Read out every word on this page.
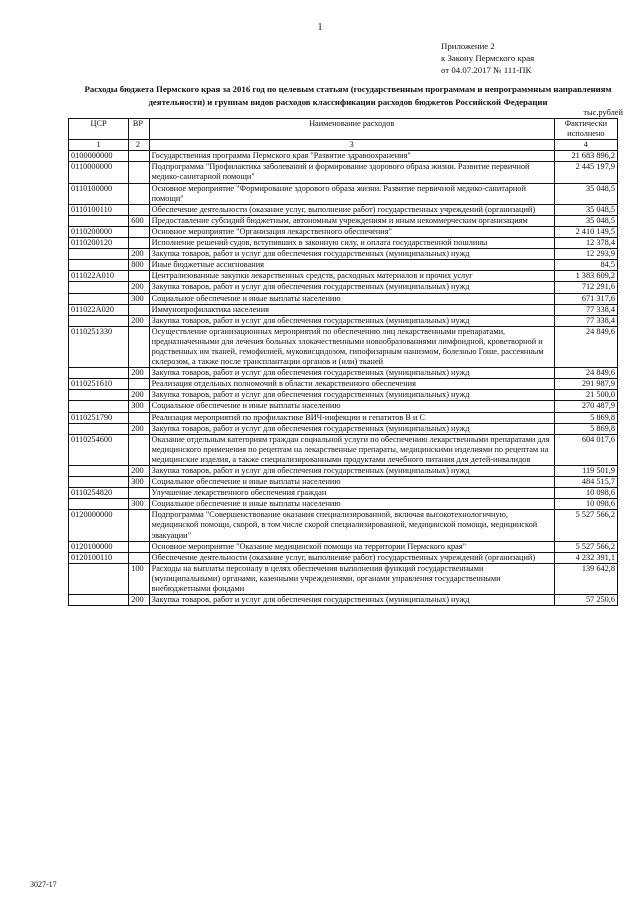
1
Приложение 2
к Закону Пермского края
от 04.07.2017 № 111-ПК
Расходы бюджета Пермского края за 2016 год по целевым статьям (государственным программам и непрограммным направлениям деятельности) и группам видов расходов классификации расходов бюджетов Российской Федерации
тыс.рублей
ЦСР	ВР	Наименование расходов	Фактически исполнено
1	2	3	4
0100000000		Государственная программа Пермского края "Развитие здравоохранения"	21 683 896,2
0110000000		Подпрограмма "Профилактика заболеваний и формирование здорового образа жизни. Развитие первичной медико-санитарной помощи"	2 445 197,9
0110100000		Основное мероприятие "Формирование здорового образа жизни. Развитие первичной медико-санитарной помощи"	35 048,5
0110100110		Обеспечение деятельности (оказание услуг, выполнение работ) государственных учреждений (организаций)	35 048,5
	600	Предоставление субсидий бюджетным, автономным учреждениям и иным некоммерческим организациям	35 048,5
0110200000		Основное мероприятие "Организация лекарственного обеспечения"	2 410 149,5
0110200120		Исполнение решений судов, вступивших в законную силу, и оплата государственной пошлины	12 378,4
	200	Закупка товаров, работ и услуг для обеспечения государственных (муниципальных) нужд	12 293,9
	800	Иные бюджетные ассигнования	84,5
011022А010		Централизованные закупки лекарственных средств, расходных материалов и прочих услуг	1 383 609,2
	200	Закупка товаров, работ и услуг для обеспечения государственных (муниципальных) нужд	712 291,6
	300	Социальное обеспечение и иные выплаты населению	671 317,6
011022А020		Иммунопрофилактика населения	77 338,4
	200	Закупка товаров, работ и услуг для обеспечения государственных (муниципальных) нужд	77 338,4
0110251330		Осуществление организационных мероприятий по обеспечению лиц лекарственными препаратами, предназначенными для лечения больных злокачественными новообразованиями лимфоидной, кроветворной и родственных им тканей, гемофилией, муковисцидозом, гипофизарным нанизмом, болезнью Гоше, рассеянным склерозом, а также после трансплантации органов и (или) тканей	24 849,6
	200	Закупка товаров, работ и услуг для обеспечения государственных (муниципальных) нужд	24 849,6
0110251610		Реализация отдельных полномочий в области лекарственного обеспечения	291 987,9
	200	Закупка товаров, работ и услуг для обеспечения государственных (муниципальных) нужд	21 500,0
	300	Социальное обеспечение и иные выплаты населению	270 487,9
0110251790		Реализация мероприятий по профилактике ВИЧ-инфекции и гепатитов B и C	5 869,8
	200	Закупка товаров, работ и услуг для обеспечения государственных (муниципальных) нужд	5 869,8
0110254600		Оказание отдельным категориям граждан социальной услуги по обеспечению лекарственными препаратами для медицинского применения по рецептам на лекарственные препараты, медицинскими изделиями по рецептам на медицинские изделия, а также специализированными продуктами лечебного питания для детей-инвалидов	604 017,6
	200	Закупка товаров, работ и услуг для обеспечения государственных (муниципальных) нужд	119 501,9
	300	Социальное обеспечение и иные выплаты населению	484 515,7
0110254820		Улучшение лекарственного обеспечения граждан	10 098,6
	300	Социальное обеспечение и иные выплаты населению	10 098,6
0120000000		Подпрограмма "Совершенствование оказания специализированной, включая высокотехнологичную, медицинской помощи, скорой, в том числе скорой специализированной, медицинской помощи, медицинской эвакуации"	5 527 566,2
0120100000		Основное мероприятие "Оказание медицинской помощи на территории Пермского края"	5 527 566,2
0120100110		Обеспечение деятельности (оказание услуг, выполнение работ) государственных учреждений (организаций)	4 232 391,1
	100	Расходы на выплаты персоналу в целях обеспечения выполнения функций государственными (муниципальными) органами, казенными учреждениями, органами управления государственными внебюджетными фондами	139 642,8
	200	Закупка товаров, работ и услуг для обеспечения государственных (муниципальных) нужд	57 250,6
3027-17
